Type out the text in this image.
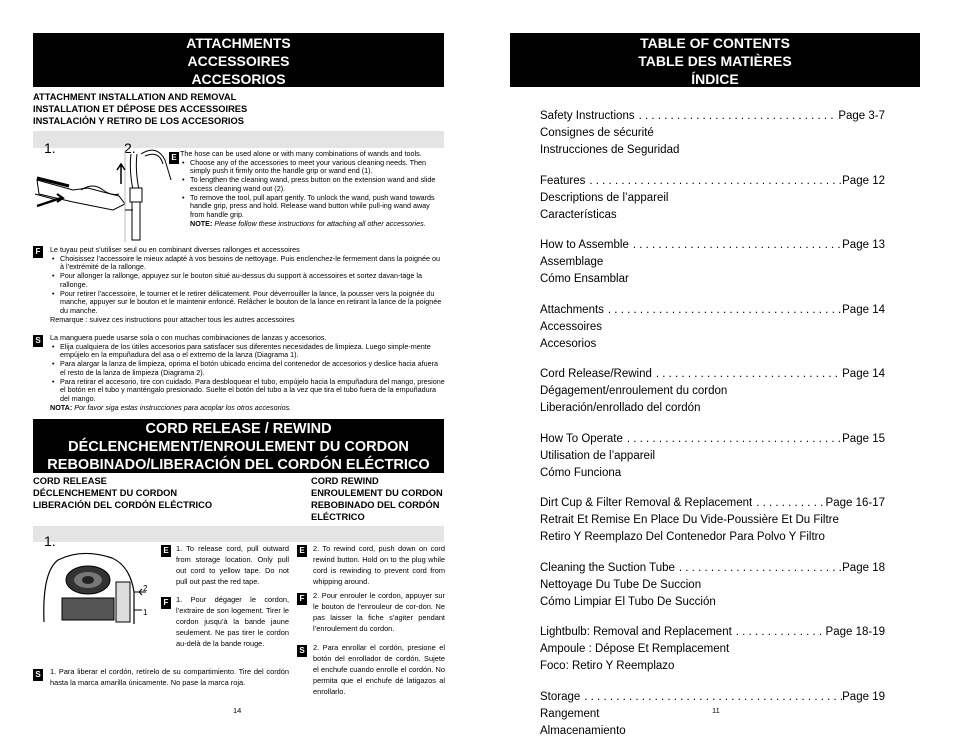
ATTACHMENTS
ACCESSOIRES
ACCESORIOS
ATTACHMENT INSTALLATION AND REMOVAL
INSTALLATION ET DÉPOSE DES ACCESSOIRES
INSTALACIÓN Y RETIRO DE LOS ACCESORIOS
1.	2.
E The hose can be used alone or with many combinations of wands and tools.

• Choose any of the accessories to meet your various cleaning needs. Then simply push it firmly onto the handle grip or wand end (1).
• To lengthen the cleaning wand, press button on the extension wand and slide excess cleaning wand out (2).
• To remove the tool, pull apart gently. To unlock the wand, push wand towards handle grip, press and hold. Release wand button while pull-ing wand away from handle grip.

NOTE: Please follow these instructions for attaching all other accessories.

F	Le tuyau peut s’utiliser seul ou en combinant diverses rallonges et accessoires

• Choisissez l’accessoire le mieux adapté à vos besoins de nettoyage. Puis enclenchez-le fermement dans la poignée ou à l’extrémité de la rallonge.
• Pour allonger la rallonge, appuyez sur le bouton situé au-dessus du support à accessoires et sortez davan-tage la rallonge.
• Pour retirer l’accessoire, le tourner et le retirer délicatement. Pour déverrouiller la lance, la pousser vers la poignée du manche, appuyer sur le bouton et le maintenir enfoncé. Relâcher le bouton de la lance en retirant la lance de la poignée du manche.

Remarque : suivez ces instructions pour attacher tous les autres accessoires

S	La manguera puede usarse sola o con muchas combinaciones de lanzas y accesorios.

• Elija cualquiera de los útiles accesorios para satisfacer sus diferentes necesidades de limpieza. Luego simple-mente empújelo en la empuñadura del asa o el extremo de la lanza (Diagrama 1).
• Para alargar la lanza de limpieza, oprima el botón ubicado encima del contenedor de accesorios y deslice hacia afuera el resto de la lanza de limpieza (Diagrama 2).
• Para retirar el accesorio, tire con cuidado. Para desbloquear el tubo, empújelo hacia la empuñadura del mango, presione el botón en el tubo y manténgalo presionado. Suelte el botón del tubo a la vez que tira el tubo fuera de la empuñadura del mango.

NOTA: Por favor siga estas instrucciones para acoplar los otros accesorios.

CORD RELEASE / REWIND
DÉCLENCHEMENT/ENROULEMENT DU CORDON
REBOBINADO/LIBERACIÓN DEL CORDÓN ELÉCTRICO
CORD RELEASE
DÉCLENCHEMENT DU CORDON
LIBERACIÓN DEL CORDÓN ELÉCTRICO
CORD REWIND
ENROULEMENT DU CORDON
REBOBINADO DEL CORDÓN
ELÉCTRICO
1.
2
1
E 1. To release cord, pull outward from storage location. Only pull out cord to yellow tape. Do not pull out past the red tape.
F	1. Pour dégager le cordon, l’extraire de son logement. Tirer le cordon jusqu’à la bande jaune seulement. Ne pas tirer le cordon au-delà de la bande rouge.
S	1. Para liberar el cordón, retírelo de su compartimiento. Tire del cordón hasta la marca amarilla únicamente. No pase la marca roja.
E	2. To rewind cord, push down on cord rewind button. Hold on to the plug while cord is rewinding to prevent cord from whipping around.
F	2. Pour enrouler le cordon, appuyer sur le bouton de l’enrouleur de cor-don. Ne pas laisser la fiche s’agiter pendant l’enroulement du cordon.
S	2. Para enrollar el cordón, presione el botón del enrollador de cordón. Sujete el enchufe cuando enrolle el cordón. No permita que el enchufe dé latigazos al enrollarlo.
14
TABLE OF CONTENTS
TABLE DES MATIÈRES
ÍNDICE
Safety Instructions . . .	Page 3-7
Consignes de sécurité
Instrucciones de Seguridad
Features . . .	Page 12
Descriptions de l’appareil
Características
How to Assemble . . .	Page 13
Assemblage
Cómo Ensamblar
Attachments . . .	Page 14
Accessoires
Accesorios
Cord Release/Rewind . . .	Page 14
Dégagement/enroulement du cordon
Liberación/enrollado del cordón
How To Operate . . .	Page 15
Utilisation de l’appareil
Cómo Funciona
Dirt Cup & Filter Removal & Replacement . . .	Page 16-17
Retrait Et Remise En Place Du Vide-Poussière Et Du Filtre
Retiro Y Reemplazo Del Contenedor Para Polvo Y Filtro
Cleaning the Suction Tube . . .	Page 18
Nettoyage Du Tube De Succion
Cómo Limpiar El Tubo De Succión
Lightbulb: Removal and Replacement . . .	Page 18-19
Ampoule : Dépose Et Remplacement
Foco: Retiro Y Reemplazo
Storage . . .	Page 19
Rangement
Almacenamiento
11
